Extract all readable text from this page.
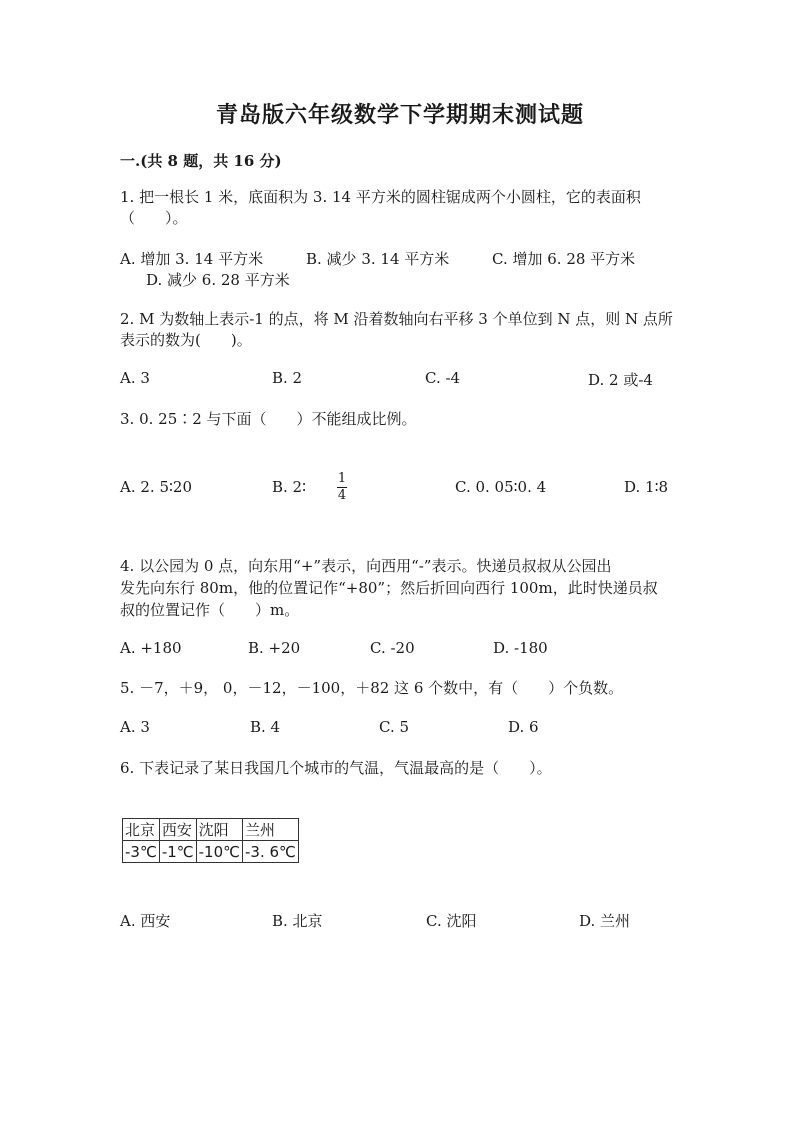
青岛版六年级数学下学期期末测试题
一.(共 8 题，共 16 分)
1. 把一根长 1 米，底面积为 3. 14 平方米的圆柱锯成两个小圆柱，它的表面积
（　　）。
A. 增加 3. 14 平方米	B. 减少 3. 14 平方米	C. 增加 6. 28 平方米
D. 减少 6. 28 平方米
2. M 为数轴上表示-1 的点，将 M 沿着数轴向右平移 3 个单位到 N 点，则 N 点所
表示的数为(　　)。
A. 3	B. 2	C. -4	D. 2 或-4
3. 0. 25∶2 与下面（　　）不能组成比例。
A. 2. 5∶20	B. 2∶ 1
4	C. 0. 05∶0. 4	D. 1∶8
4. 以公园为 0 点，向东用“+”表示，向西用“-”表示。快递员叔叔从公园出
发先向东行 80m，他的位置记作“+80”；然后折回向西行 100m，此时快递员叔
叔的位置记作（　　）m。
A. +180	B. +20	C. -20	D. -180
5. －7，＋9， 0，－12，－100，＋82 这 6 个数中，有（　　）个负数。
A. 3	B. 4	C. 5	D. 6
6. 下表记录了某日我国几个城市的气温，气温最高的是（　　）。
北京	西安	沈阳	兰州
-3℃	-1℃	-10℃	-3. 6℃
A. 西安	B. 北京	C. 沈阳	D. 兰州
